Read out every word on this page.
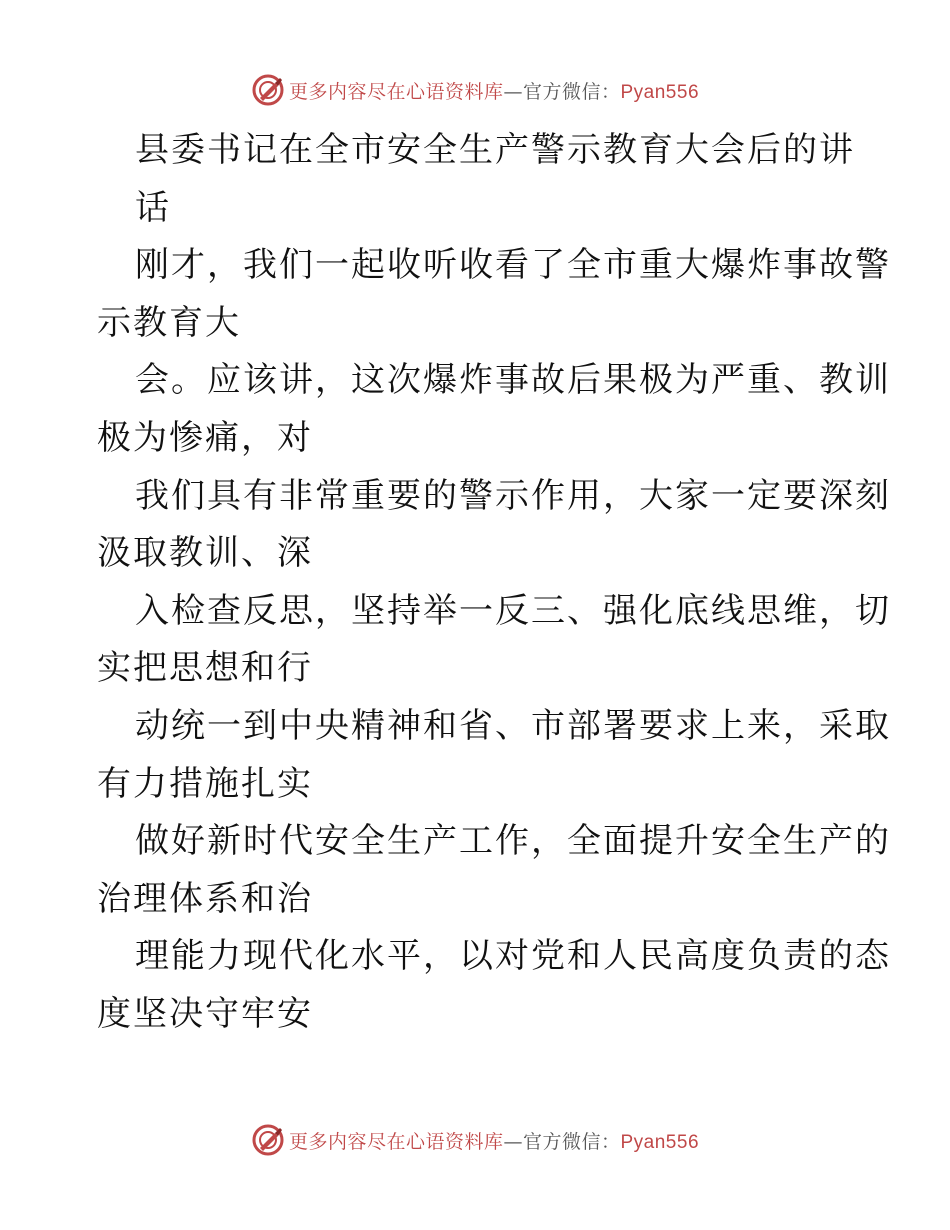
更多内容尽在心语资料库—官方微信：Pyan556
县委书记在全市安全生产警示教育大会后的讲
话
刚才，我们一起收听收看了全市重大爆炸事故警
示教育大
会。应该讲，这次爆炸事故后果极为严重、教训
极为惨痛，对
我们具有非常重要的警示作用，大家一定要深刻
汲取教训、深
入检查反思，坚持举一反三、强化底线思维，切
实把思想和行
动统一到中央精神和省、市部署要求上来，采取
有力措施扎实
做好新时代安全生产工作，全面提升安全生产的
治理体系和治
理能力现代化水平，以对党和人民高度负责的态
度坚决守牢安
更多内容尽在心语资料库—官方微信：Pyan556
